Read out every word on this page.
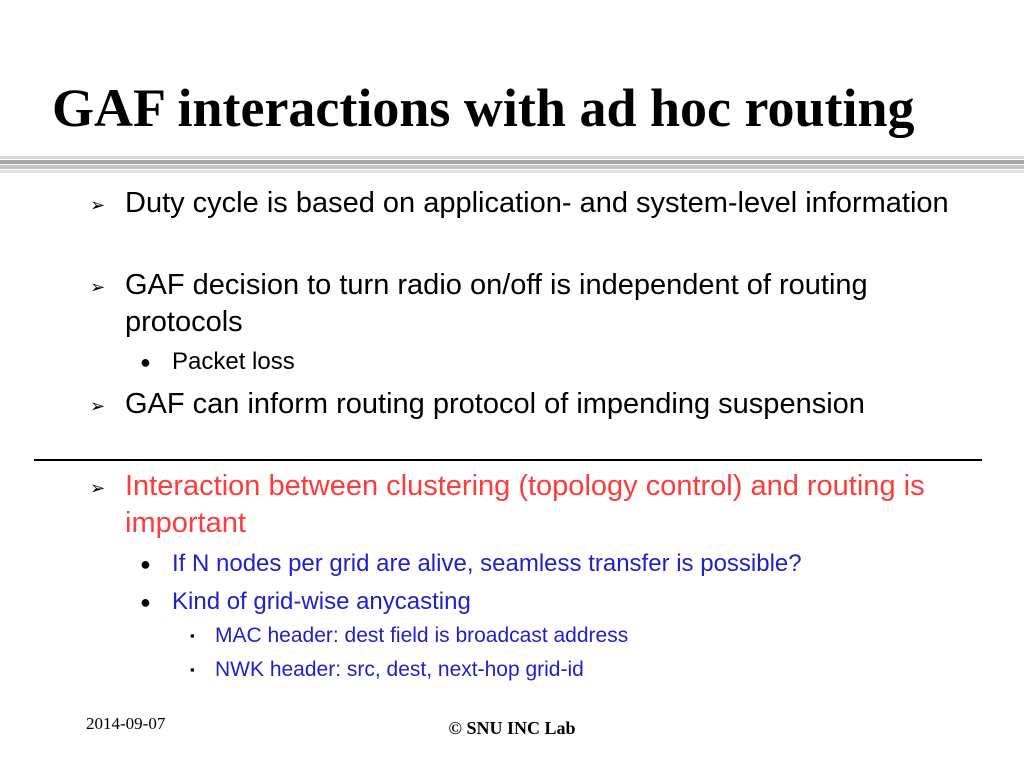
GAF interactions with ad hoc routing
➢ Duty cycle is based on application- and system-level information
➢ GAF decision to turn radio on/off is independent of routing protocols
● Packet loss
➢ GAF can inform routing protocol of impending suspension
➢ Interaction between clustering (topology control) and routing is important
● If N nodes per grid are alive, seamless transfer is possible?
● Kind of grid-wise anycasting
▪ MAC header: dest field is broadcast address
▪ NWK header: src, dest, next-hop grid-id
2014-09-07	© SNU INC Lab
